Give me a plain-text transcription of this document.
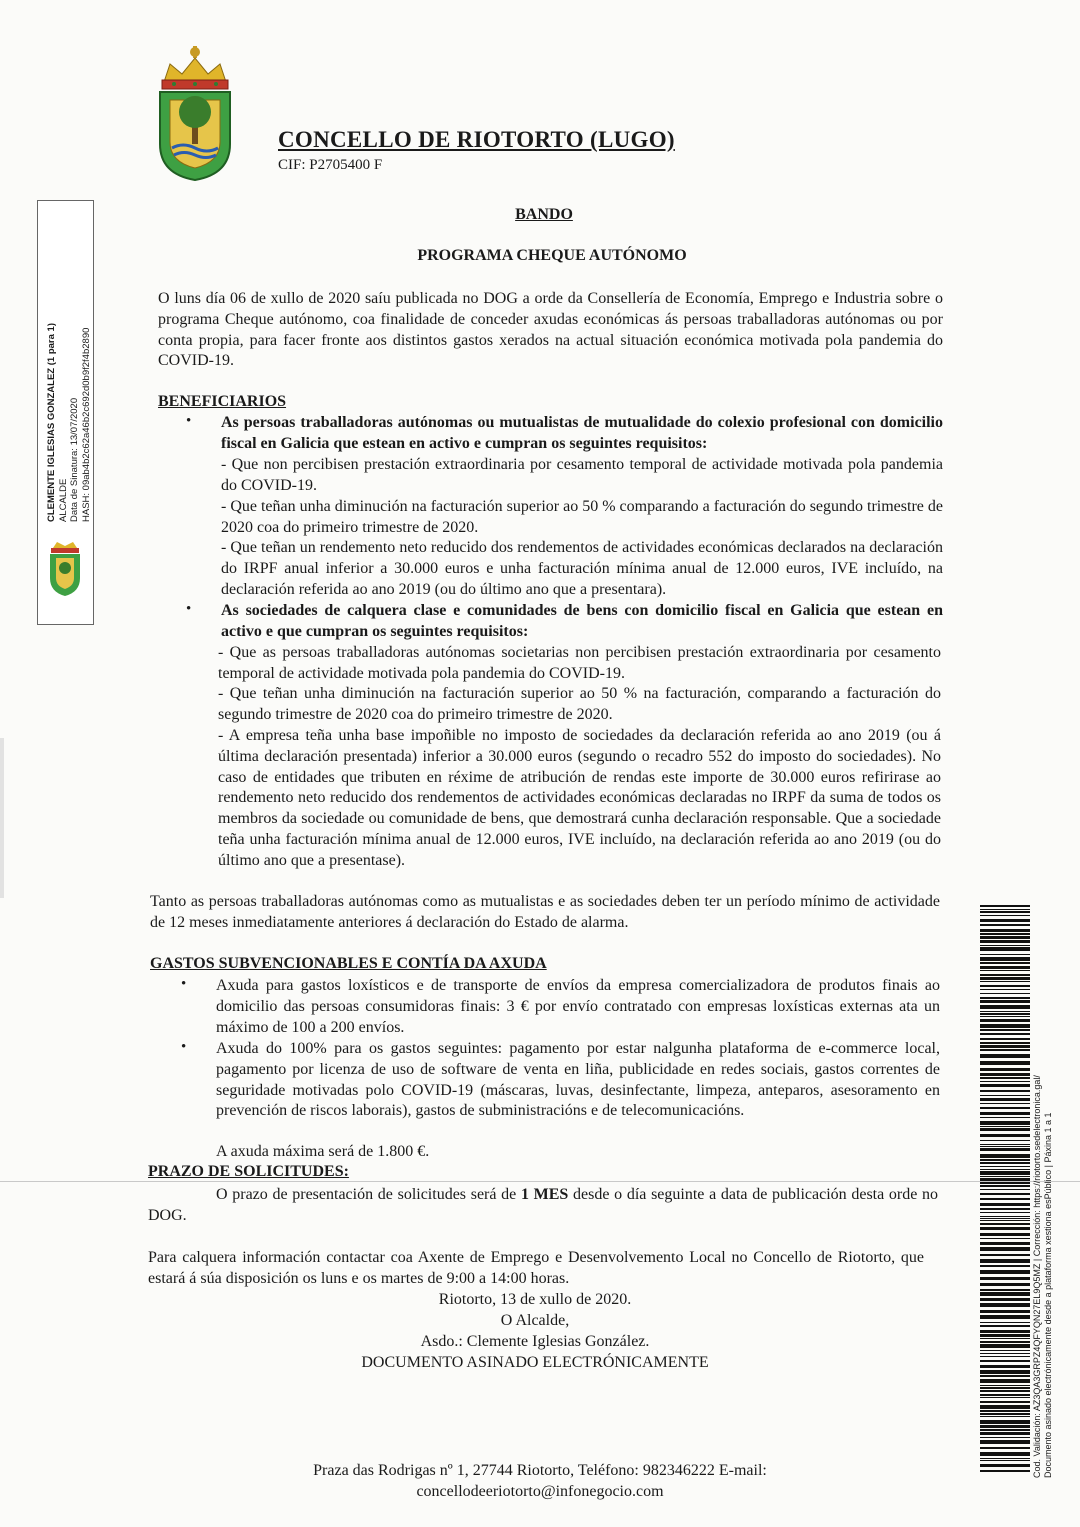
CONCELLO DE RIOTORTO (LUGO)
CIF: P2705400 F
BANDO
PROGRAMA CHEQUE AUTÓNOMO
O luns día 06 de xullo de 2020 saíu publicada no DOG a orde da Consellería de Economía, Emprego e Industria sobre o programa Cheque autónomo, coa finalidade de conceder axudas económicas ás persoas traballadoras autónomas ou por conta propia, para facer fronte aos distintos gastos xerados na actual situación económica motivada pola pandemia do COVID-19.
BENEFICIARIOS
• As persoas traballadoras autónomas ou mutualistas de mutualidade do colexio profesional con domicilio fiscal en Galicia que estean en activo e cumpran os seguintes requisitos:
- Que non percibisen prestación extraordinaria por cesamento temporal de actividade motivada pola pandemia do COVID-19.
- Que teñan unha diminución na facturación superior ao 50 % comparando a facturación do segundo trimestre de 2020 coa do primeiro trimestre de 2020.
- Que teñan un rendemento neto reducido dos rendementos de actividades económicas declarados na declaración do IRPF anual inferior a 30.000 euros e unha facturación mínima anual de 12.000 euros, IVE incluído, na declaración referida ao ano 2019 (ou do último ano que a presentara).
• As sociedades de calquera clase e comunidades de bens con domicilio fiscal en Galicia que estean en activo e que cumpran os seguintes requisitos:
- Que as persoas traballadoras autónomas societarias non percibisen prestación extraordinaria por cesamento temporal de actividade motivada pola pandemia do COVID-19.
- Que teñan unha diminución na facturación superior ao 50 % na facturación, comparando a facturación do segundo trimestre de 2020 coa do primeiro trimestre de 2020.
- A empresa teña unha base impoñible no imposto de sociedades da declaración referida ao ano 2019 (ou á última declaración presentada) inferior a 30.000 euros (segundo o recadro 552 do imposto do sociedades). No caso de entidades que tributen en réxime de atribución de rendas este importe de 30.000 euros refirirase ao rendemento neto reducido dos rendementos de actividades económicas declaradas no IRPF da suma de todos os membros da sociedade ou comunidade de bens, que demostrará cunha declaración responsable. Que a sociedade teña unha facturación mínima anual de 12.000 euros, IVE incluído, na declaración referida ao ano 2019 (ou do último ano que a presentase).
Tanto as persoas traballadoras autónomas como as mutualistas e as sociedades deben ter un período mínimo de actividade de 12 meses inmediatamente anteriores á declaración do Estado de alarma.
GASTOS SUBVENCIONABLES E CONTÍA DA AXUDA
• Axuda para gastos loxísticos e de transporte de envíos da empresa comercializadora de produtos finais ao domicilio das persoas consumidoras finais: 3 € por envío contratado con empresas loxísticas externas ata un máximo de 100 a 200 envíos.
• Axuda do 100% para os gastos seguintes: pagamento por estar nalgunha plataforma de e-commerce local, pagamento por licenza de uso de software de venta en liña, publicidade en redes sociais, gastos correntes de seguridade motivadas polo COVID-19 (máscaras, luvas, desinfectante, limpeza, anteparos, asesoramento en prevención de riscos laborais), gastos de subministracións e de telecomunicacións.
A axuda máxima será de 1.800 €.
PRAZO DE SOLICITUDES:
O prazo de presentación de solicitudes será de 1 MES desde o día seguinte a data de publicación desta orde no DOG.
Para calquera información contactar coa Axente de Emprego e Desenvolvemento Local no Concello de Riotorto, que estará á súa disposición os luns e os martes de 9:00 a 14:00 horas.
Riotorto, 13 de xullo de 2020.
O Alcalde,
Asdo.: Clemente Iglesias González.
DOCUMENTO ASINADO ELECTRÓNICAMENTE
Praza das Rodrigas nº 1, 27744 Riotorto, Teléfono: 982346222 E-mail:
concellodeeriotorto@infonegocio.com
CLEMENTE IGLESIAS GONZALEZ (1 para 1) ALCALDE Data de Sinatura: 13/07/2020 HASH: 09ab4b2c62a46b2c692d0b9f2f4b2890
Cod. Validación: AZ3QA3GRPZ4QFYQN27EL9Q5MZ | Corrección: https://riotorto.sedelectronica.gal/ Documento asinado electrónicamente desde a plataforma xestiona esPúblico | Páxina 1 a 1
